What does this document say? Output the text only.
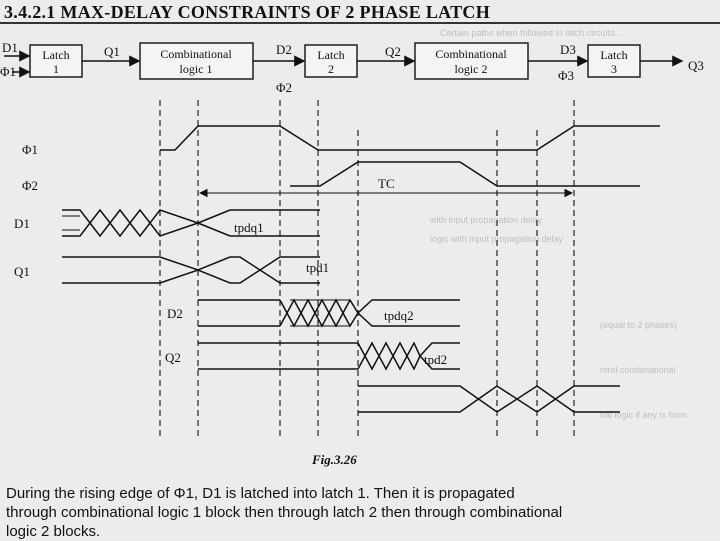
Certain paths when followed in latch circuits...
with input propagation delay
logic with input propagation delay
(equal to 2 phases)
ntrol combinational
nal logic if any is from
3.4.2.1 MAX-DELAY CONSTRAINTS OF 2 PHASE LATCH
Latch
1
Combinational
logic 1
Latch
2
Combinational
logic 2
Latch
3
D1
Φ1
Q1	D2
Φ2
Q2	D3
Φ3
Q3
Φ1
Φ2
D1
Q1
D2
Q2
TC
tpdq1
tpd1
tpdq2
tpd2
Fig.3.26
During the rising edge of Φ1, D1 is latched into latch 1. Then it is propagated
through combinational logic 1 block then through latch 2 then through combinational
logic 2 blocks.
